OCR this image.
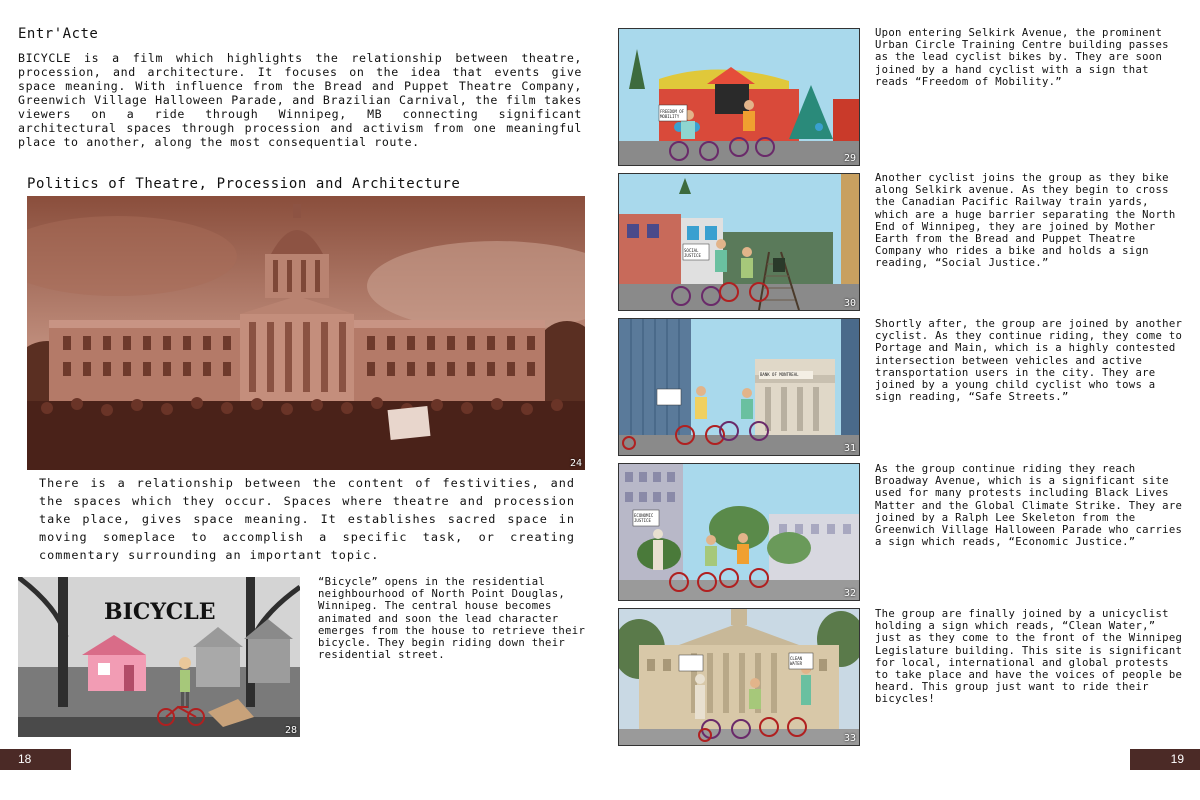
Entr'Acte
BICYCLE is a film which highlights the relationship between theatre, procession, and architecture. It focuses on the idea that events give space meaning. With influence from the Bread and Puppet Theatre Company, Greenwich Village Halloween Parade, and Brazilian Carnival, the film takes viewers on a ride through Winnipeg, MB connecting significant architectural spaces through procession and activism from one meaningful place to another, along the most consequential route.
Politics of Theatre, Procession and Architecture
24
There is a relationship between the content of festivities, and the spaces which they occur. Spaces where theatre and procession take place, gives space meaning. It establishes sacred space in moving someplace to accomplish a specific task, or creating commentary surrounding an important topic.
BICYCLE
28
“Bicycle” opens in the residential neighbourhood of North Point Douglas, Winnipeg. The central house becomes animated and soon the lead character emerges from the house to retrieve their bicycle. They begin riding down their residential street.
18
FREEDOM OF MOBILITY
29
Upon entering Selkirk Avenue, the prominent Urban Circle Training Centre building passes as the lead cyclist bikes by. They are soon joined by a hand cyclist with a sign that reads “Freedom of Mobility.”
SOCIAL JUSTICE
30
Another cyclist joins the group as they bike along Selkirk avenue. As they begin to cross the Canadian Pacific Railway train yards, which are a huge barrier separating the North End of Winnipeg, they are joined by Mother Earth from the Bread and Puppet Theatre Company who rides a bike and holds a sign reading, “Social Justice.”
BANK OF MONTREAL
31
Shortly after, the group are joined by another cyclist. As they continue riding, they come to Portage and Main, which is a highly contested intersection between vehicles and active transportation users in the city. They are joined by a young child cyclist who tows a sign reading, “Safe Streets.”
ECONOMIC JUSTICE
32
As the group continue riding they reach Broadway Avenue, which is a significant site used for many protests including Black Lives Matter and the Global Climate Strike. They are joined by a Ralph Lee Skeleton from the Greenwich Village Halloween Parade who carries a sign which reads, “Economic Justice.”
CLEAN WATER
33
The group are finally joined by a unicyclist holding a sign which reads, “Clean Water,” just as they come to the front of the Winnipeg Legislature building. This site is significant for local, international and global protests to take place and have the voices of people be heard. This group just want to ride their bicycles!
19
